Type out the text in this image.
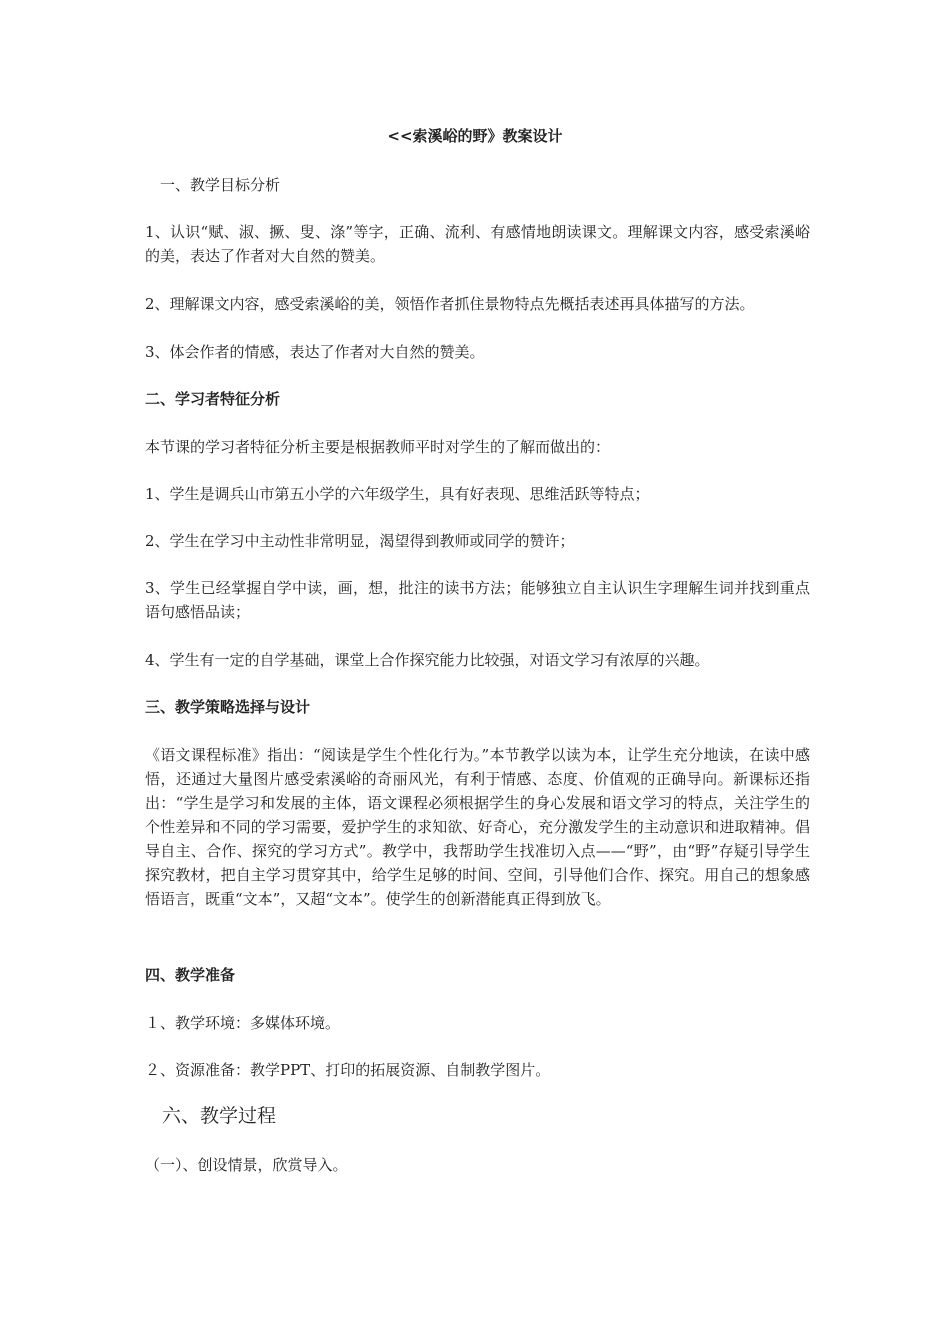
<<索溪峪的野》教案设计
一、教学目标分析
1、认识“赋、淑、撅、叟、涤”等字，正确、流利、有感情地朗读课文。理解课文内容，感受索溪峪的美，表达了作者对大自然的赞美。
2、理解课文内容，感受索溪峪的美，领悟作者抓住景物特点先概括表述再具体描写的方法。
3、体会作者的情感，表达了作者对大自然的赞美。
二、学习者特征分析
本节课的学习者特征分析主要是根据教师平时对学生的了解而做出的：
1、学生是调兵山市第五小学的六年级学生，具有好表现、思维活跃等特点；
2、学生在学习中主动性非常明显，渴望得到教师或同学的赞许；
3、学生已经掌握自学中读，画，想，批注的读书方法；能够独立自主认识生字理解生词并找到重点语句感悟品读；
4、学生有一定的自学基础，课堂上合作探究能力比较强，对语文学习有浓厚的兴趣。
三、教学策略选择与设计
《语文课程标准》指出：“阅读是学生个性化行为。”本节教学以读为本，让学生充分地读，在读中感悟，还通过大量图片感受索溪峪的奇丽风光，有利于情感、态度、价值观的正确导向。新课标还指出：“学生是学习和发展的主体，语文课程必须根据学生的身心发展和语文学习的特点，关注学生的个性差异和不同的学习需要，爱护学生的求知欲、好奇心，充分激发学生的主动意识和进取精神。倡导自主、合作、探究的学习方式”。教学中，我帮助学生找准切入点——“野”，由“野”存疑引导学生探究教材，把自主学习贯穿其中，给学生足够的时间、空间，引导他们合作、探究。用自己的想象感悟语言，既重“文本”，又超“文本”。使学生的创新潜能真正得到放飞。
四、教学准备
１、教学环境：多媒体环境。
２、资源准备：教学PPT、打印的拓展资源、自制教学图片。
六、教学过程
（一）、创设情景，欣赏导入。
